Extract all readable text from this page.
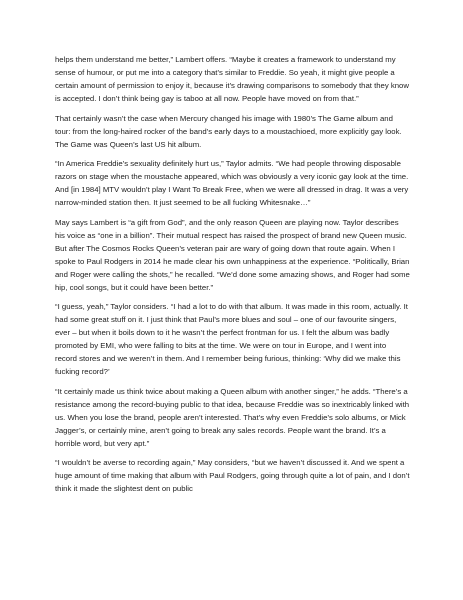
helps them understand me better,” Lambert offers. “Maybe it creates a framework to understand my sense of humour, or put me into a category that’s similar to Freddie. So yeah, it might give people a certain amount of permission to enjoy it, because it’s drawing comparisons to somebody that they know is accepted. I don’t think being gay is taboo at all now. People have moved on from that.”

That certainly wasn’t the case when Mercury changed his image with 1980’s The Game album and tour: from the long-haired rocker of the band’s early days to a moustachioed, more explicitly gay look. The Game was Queen’s last US hit album.

“In America Freddie’s sexuality definitely hurt us,” Taylor admits. “We had people throwing disposable razors on stage when the moustache appeared, which was obviously a very iconic gay look at the time. And [in 1984] MTV wouldn’t play I Want To Break Free, when we were all dressed in drag. It was a very narrow-minded station then. It just seemed to be all fucking Whitesnake…”

May says Lambert is “a gift from God”, and the only reason Queen are playing now. Taylor describes his voice as “one in a billion”. Their mutual respect has raised the prospect of brand new Queen music. But after The Cosmos Rocks Queen’s veteran pair are wary of going down that route again. When I spoke to Paul Rodgers in 2014 he made clear his own unhappiness at the experience. “Politically, Brian and Roger were calling the shots,” he recalled. “We’d done some amazing shows, and Roger had some hip, cool songs, but it could have been better.”

“I guess, yeah,” Taylor considers. “I had a lot to do with that album. It was made in this room, actually. It had some great stuff on it. I just think that Paul’s more blues and soul – one of our favourite singers, ever – but when it boils down to it he wasn’t the perfect frontman for us. I felt the album was badly promoted by EMI, who were falling to bits at the time. We were on tour in Europe, and I went into record stores and we weren’t in them. And I remember being furious, thinking: ‘Why did we make this fucking record?’

“It certainly made us think twice about making a Queen album with another singer,” he adds. “There’s a resistance among the record-buying public to that idea, because Freddie was so inextricably linked with us. When you lose the brand, people aren’t interested. That’s why even Freddie’s solo albums, or Mick Jagger’s, or certainly mine, aren’t going to break any sales records. People want the brand. It’s a horrible word, but very apt.”

“I wouldn’t be averse to recording again,” May considers, “but we haven’t discussed it. And we spent a huge amount of time making that album with Paul Rodgers, going through quite a lot of pain, and I don’t think it made the slightest dent on public
